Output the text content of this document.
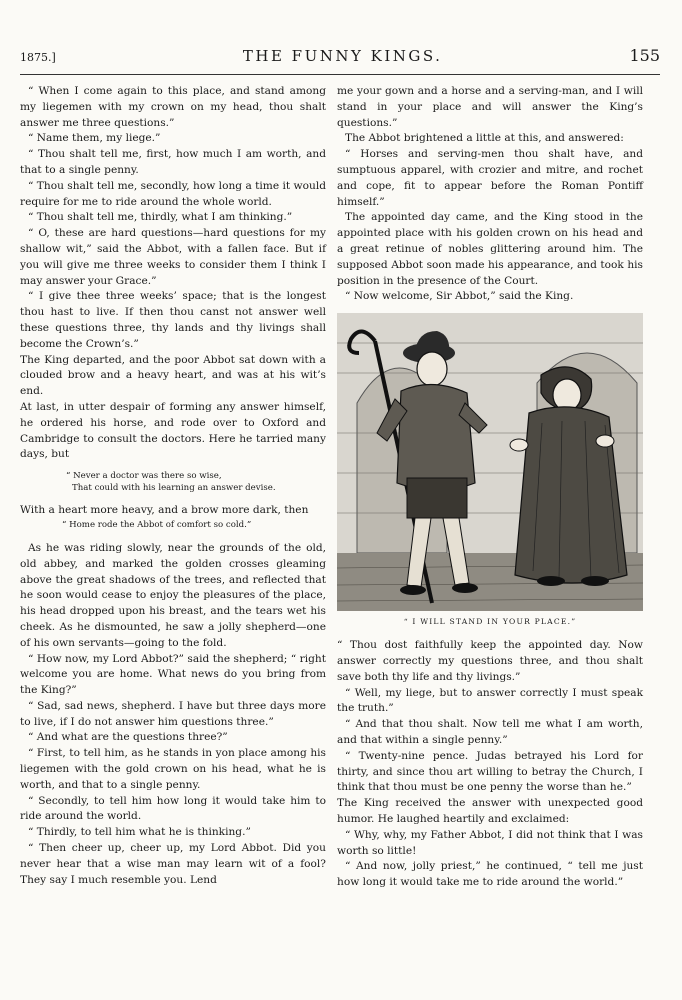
1875.]	THE FUNNY KINGS.	155

“ When I come again to this place, and stand among my liegemen with my crown on my head, thou shalt answer me three questions.”

“ Name them, my liege.”

“ Thou shalt tell me, first, how much I am worth, and that to a single penny.

“ Thou shalt tell me, secondly, how long a time it would require for me to ride around the whole world.

“ Thou shalt tell me, thirdly, what I am thinking.”

“ O, these are hard questions—hard questions for my shallow wit,” said the Abbot, with a fallen face. But if you will give me three weeks to consider them I think I may answer your Grace.”

“ I give thee three weeks’ space; that is the longest thou hast to live. If then thou canst not answer well these questions three, thy lands and thy livings shall become the Crown’s.”

The King departed, and the poor Abbot sat down with a clouded brow and a heavy heart, and was at his wit’s end.

At last, in utter despair of forming any answer himself, he ordered his horse, and rode over to Oxford and Cambridge to consult the doctors. Here he tarried many days, but

“ Never a doctor was there so wise,
That could with his learning an answer devise.

With a heart more heavy, and a brow more dark, then

“ Home rode the Abbot of comfort so cold.”

As he was riding slowly, near the grounds of the old, old abbey, and marked the golden crosses gleaming above the great shadows of the trees, and reflected that he soon would cease to enjoy the pleasures of the place, his head dropped upon his breast, and the tears wet his cheek. As he dismounted, he saw a jolly shepherd—one of his own servants—going to the fold.

“ How now, my Lord Abbot?” said the shepherd; “ right welcome you are home. What news do you bring from the King?”

“ Sad, sad news, shepherd. I have but three days more to live, if I do not answer him questions three.”

“ And what are the questions three?”

“ First, to tell him, as he stands in yon place among his liegemen with the gold crown on his head, what he is worth, and that to a single penny.

“ Secondly, to tell him how long it would take him to ride around the world.

“ Thirdly, to tell him what he is thinking.”

“ Then cheer up, cheer up, my Lord Abbot. Did you never hear that a wise man may learn wit of a fool? They say I much resemble you. Lend

me your gown and a horse and a serving-man, and I will stand in your place and will answer the King’s questions.”

The Abbot brightened a little at this, and answered:

“ Horses and serving-men thou shalt have, and sumptuous apparel, with crozier and mitre, and rochet and cope, fit to appear before the Roman Pontiff himself.”

The appointed day came, and the King stood in the appointed place with his golden crown on his head and a great retinue of nobles glittering around him. The supposed Abbot soon made his appearance, and took his position in the presence of the Court.

“ Now welcome, Sir Abbot,” said the King.

“ I WILL STAND IN YOUR PLACE.”

“ Thou dost faithfully keep the appointed day. Now answer correctly my questions three, and thou shalt save both thy life and thy livings.”

“ Well, my liege, but to answer correctly I must speak the truth.”

“ And that thou shalt. Now tell me what I am worth, and that within a single penny.”

“ Twenty-nine pence. Judas betrayed his Lord for thirty, and since thou art willing to betray the Church, I think that thou must be one penny the worse than he.”

The King received the answer with unexpected good humor. He laughed heartily and exclaimed:

“ Why, why, my Father Abbot, I did not think that I was worth so little!

“ And now, jolly priest,” he continued, “ tell me just how long it would take me to ride around the world.”
